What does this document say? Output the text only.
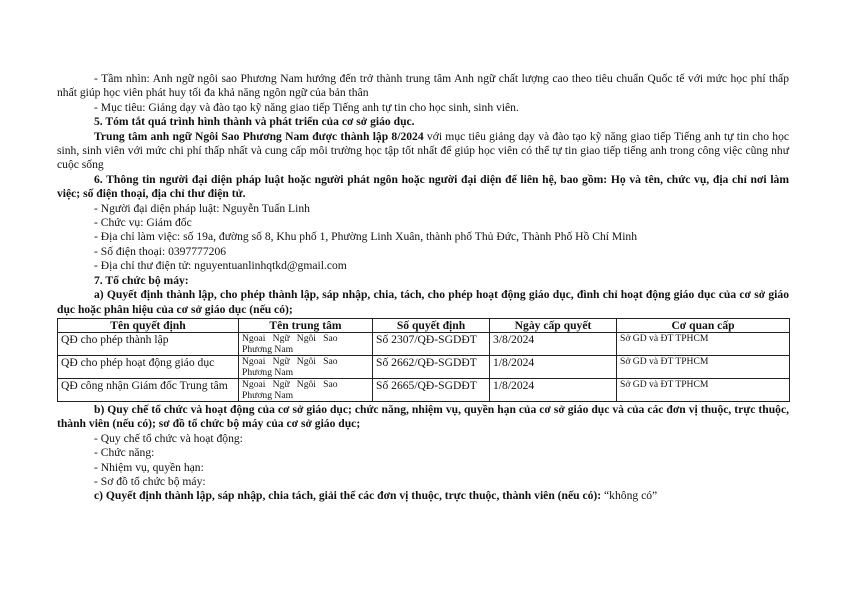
- Tầm nhìn: Anh ngữ ngôi sao Phương Nam hướng đến trở thành trung tâm Anh ngữ chất lượng cao theo tiêu chuẩn Quốc tế với mức học phí thấp nhất giúp học viên phát huy tối đa khả năng ngôn ngữ của bản thân

- Mục tiêu: Giảng dạy và đào tạo kỹ năng giao tiếp Tiếng anh tự tin cho học sinh, sinh viên.

5. Tóm tắt quá trình hình thành và phát triển của cơ sở giáo dục.

Trung tâm anh ngữ Ngôi Sao Phương Nam được thành lập 8/2024 với mục tiêu giảng dạy và đào tạo kỹ năng giao tiếp Tiếng anh tự tin cho học sinh, sinh viên với mức chi phí thấp nhất và cung cấp môi trường học tập tốt nhất để giúp học viên có thể tự tin giao tiếp tiếng anh trong công việc cũng như cuộc sống

6. Thông tin người đại diện pháp luật hoặc người phát ngôn hoặc người đại diện để liên hệ, bao gồm: Họ và tên, chức vụ, địa chỉ nơi làm việc; số điện thoại, địa chỉ thư điện tử.

- Người đại diện pháp luật: Nguyễn Tuấn Linh

- Chức vụ: Giám đốc

- Địa chỉ làm việc: số 19a, đường số 8, Khu phố 1, Phường Linh Xuân, thành phố Thủ Đức, Thành Phố Hồ Chí Minh

- Số điện thoại: 0397777206

- Địa chỉ thư điện tử: nguyentuanlinhqtkd@gmail.com

7. Tổ chức bộ máy:

a) Quyết định thành lập, cho phép thành lập, sáp nhập, chia, tách, cho phép hoạt động giáo dục, đình chỉ hoạt động giáo dục của cơ sở giáo dục hoặc phân hiệu của cơ sở giáo dục (nếu có);

Tên quyết định	Tên trung tâm	Số quyết định	Ngày cấp quyết	Cơ quan cấp
QĐ cho phép thành lập	Ngoai   Ngữ   Ngôi   Sao
Phương Nam	Số 2307/QĐ-SGDĐT	3/8/2024	Sở GD và ĐT TPHCM
QĐ cho phép hoạt động giáo dục	Ngoai   Ngữ   Ngôi   Sao
Phương Nam	Số 2662/QĐ-SGDĐT	1/8/2024	Sở GD và ĐT TPHCM
QĐ công nhận Giám đốc Trung tâm	Ngoai   Ngữ   Ngôi   Sao
Phương Nam	Số 2665/QĐ-SGDĐT	1/8/2024	Sở GD và ĐT TPHCM

b) Quy chế tổ chức và hoạt động của cơ sở giáo dục; chức năng, nhiệm vụ, quyền hạn của cơ sở giáo dục và của các đơn vị thuộc, trực thuộc, thành viên (nếu có); sơ đồ tổ chức bộ máy của cơ sở giáo dục;

- Quy chế tổ chức và hoạt động:

- Chức năng:

- Nhiệm vụ, quyền hạn:

- Sơ đồ tổ chức bộ máy:

c) Quyết định thành lập, sáp nhập, chia tách, giải thể các đơn vị thuộc, trực thuộc, thành viên (nếu có): “không có”
